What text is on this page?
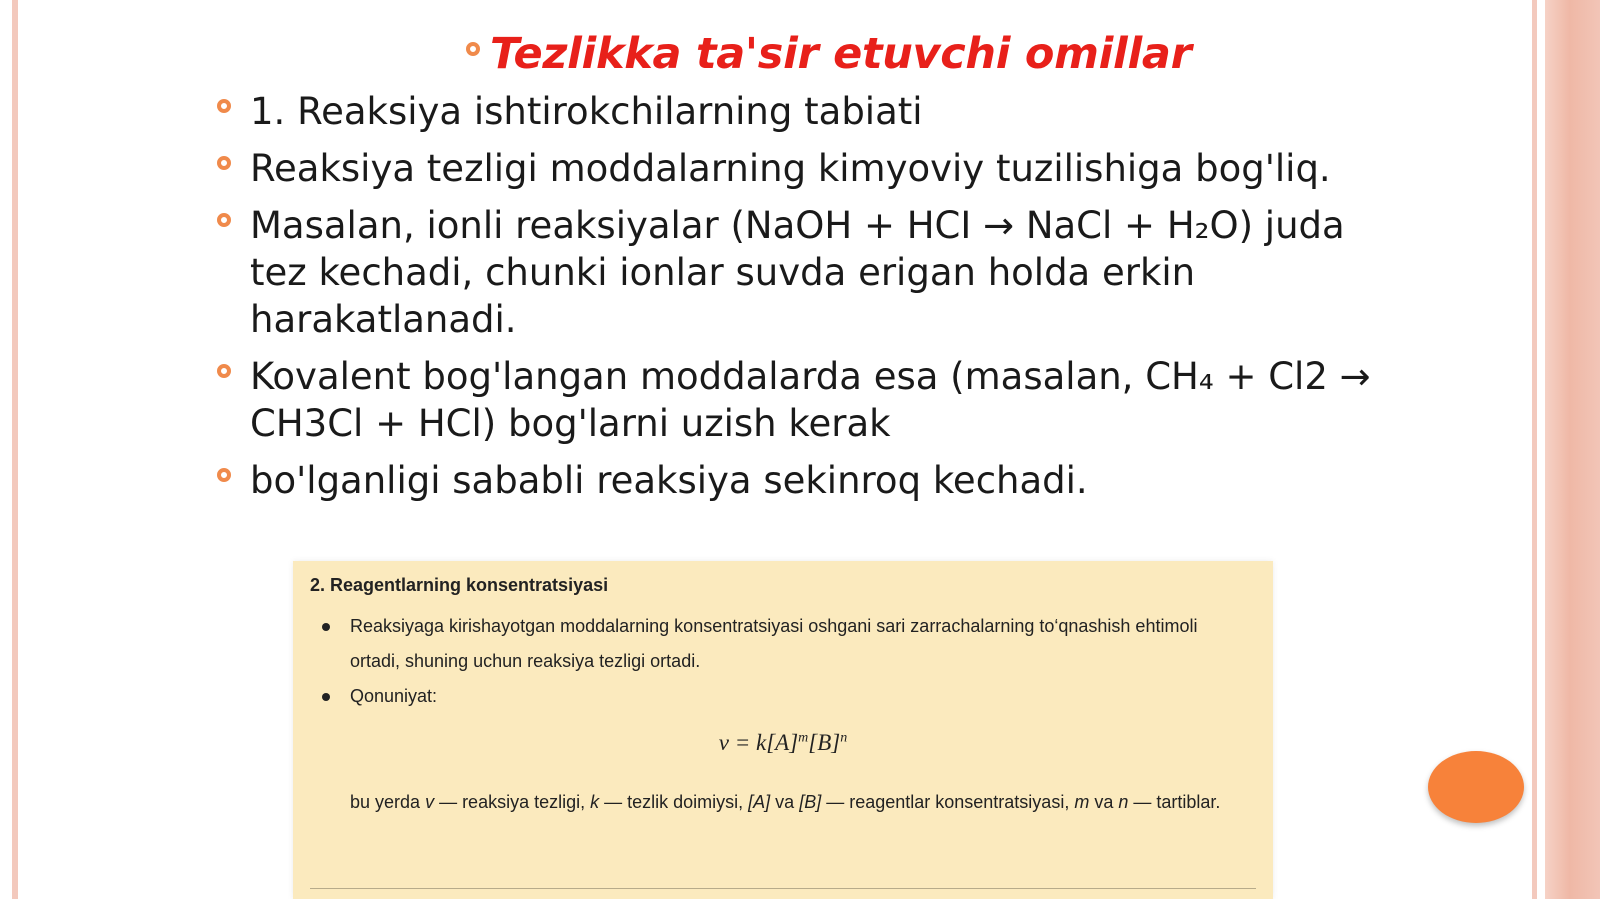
Tezlikka ta'sir etuvchi omillar
1. Reaksiya ishtirokchilarning tabiati
Reaksiya tezligi moddalarning kimyoviy tuzilishiga bog'liq.
Masalan, ionli reaksiyalar (NaOH + HCI → NaCl + H₂O) juda tez kechadi, chunki ionlar suvda erigan holda erkin harakatlanadi.
Kovalent bog'langan moddalarda esa (masalan, CH₄ + Cl2 → CH3Cl + HCl) bog'larni uzish kerak
bo'lganligi sababli reaksiya sekinroq kechadi.
2. Reagentlarning konsentratsiyasi
Reaksiyaga kirishayotgan moddalarning konsentratsiyasi oshgani sari zarrachalarning to‘qnashish ehtimoli ortadi, shuning uchun reaksiya tezligi ortadi.
Qonuniyat:
$v = k[A]^m[B]^n$
bu yerda v — reaksiya tezligi, k — tezlik doimiysi, [A] va [B] — reagentlar konsentratsiyasi, m va n — tartiblar.
